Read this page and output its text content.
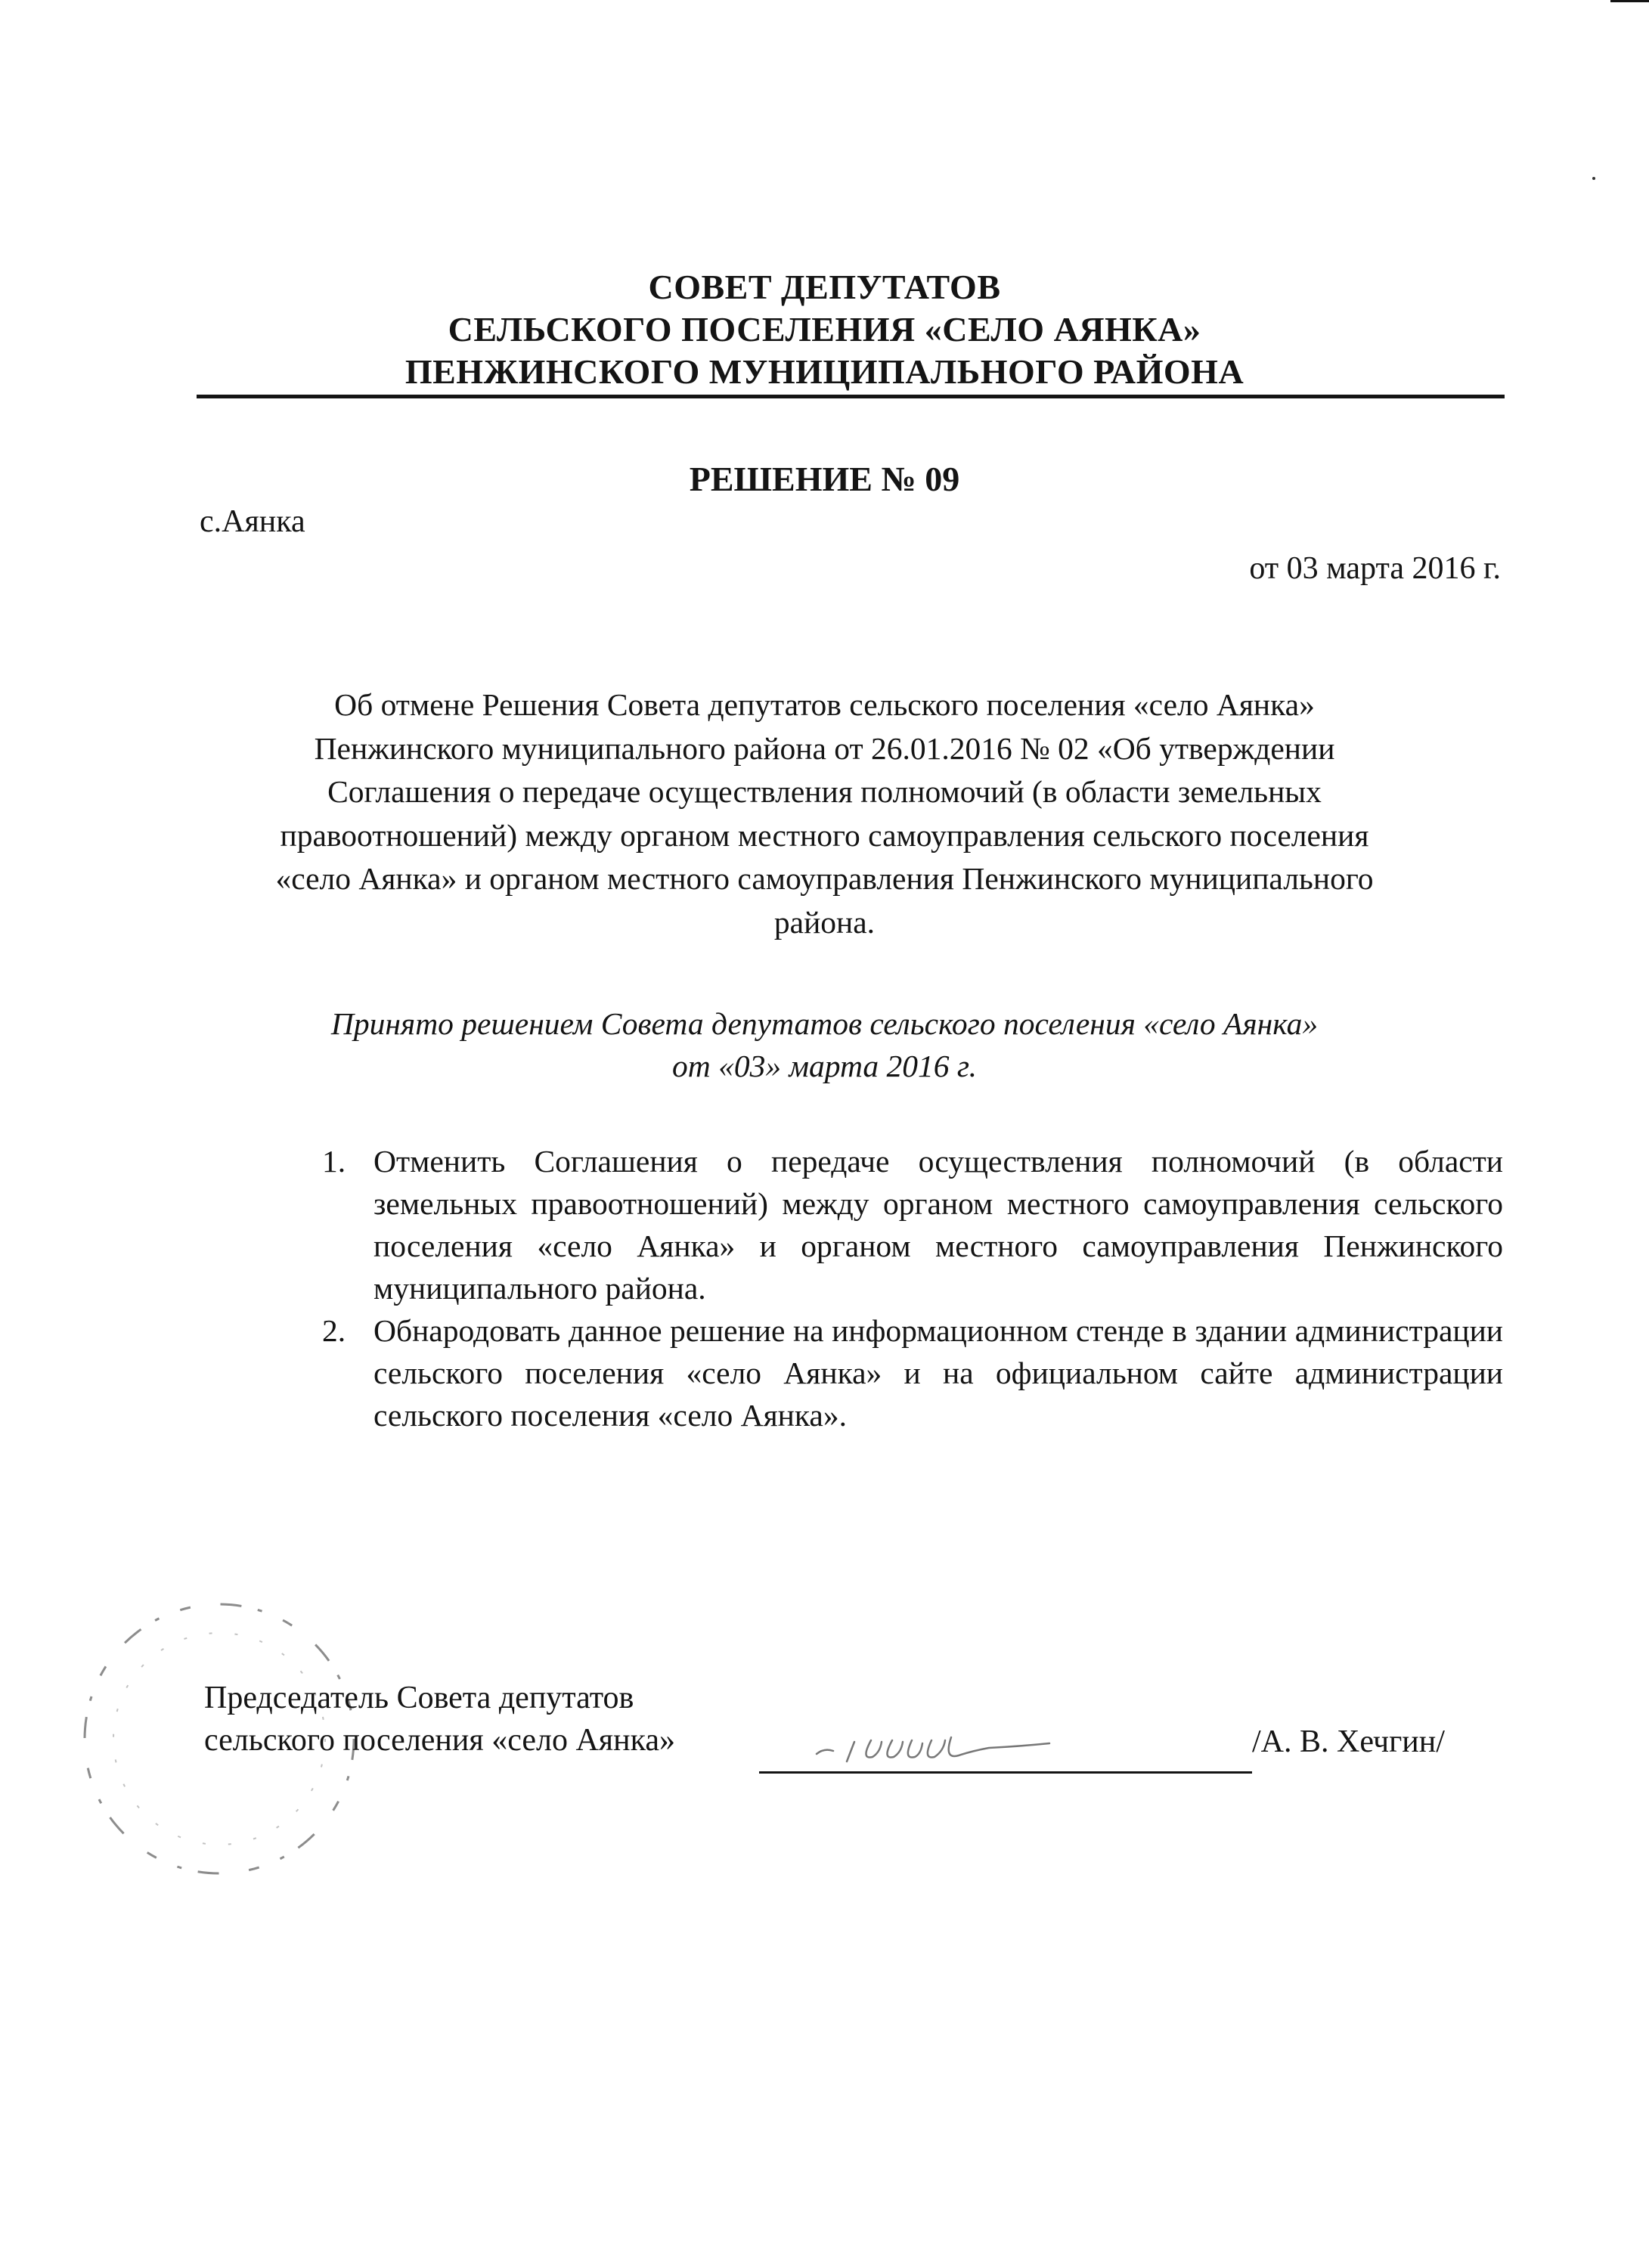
СОВЕТ ДЕПУТАТОВ
СЕЛЬСКОГО ПОСЕЛЕНИЯ «СЕЛО АЯНКА»
ПЕНЖИНСКОГО МУНИЦИПАЛЬНОГО РАЙОНА
РЕШЕНИЕ № 09
с.Аянка
от 03 марта 2016 г.
Об отмене Решения Совета депутатов сельского поселения «село Аянка»
Пенжинского муниципального района от 26.01.2016 № 02 «Об утверждении
Соглашения о передаче осуществления полномочий (в области земельных
правоотношений) между органом местного самоуправления сельского поселения
«село Аянка» и органом местного самоуправления Пенжинского муниципального
района.
Принято решением Совета депутатов сельского поселения «село Аянка»
от «03» марта 2016 г.
1. Отменить Соглашения о передаче осуществления полномочий (в области земельных правоотношений) между органом местного самоуправления сельского поселения «село Аянка» и органом местного самоуправления Пенжинского муниципального района.
2. Обнародовать данное решение на информационном стенде в здании администрации сельского поселения «село Аянка» и на официальном сайте администрации сельского поселения «село Аянка».
Председатель Совета депутатов
сельского поселения «село Аянка»	/А. В. Хечгин/
